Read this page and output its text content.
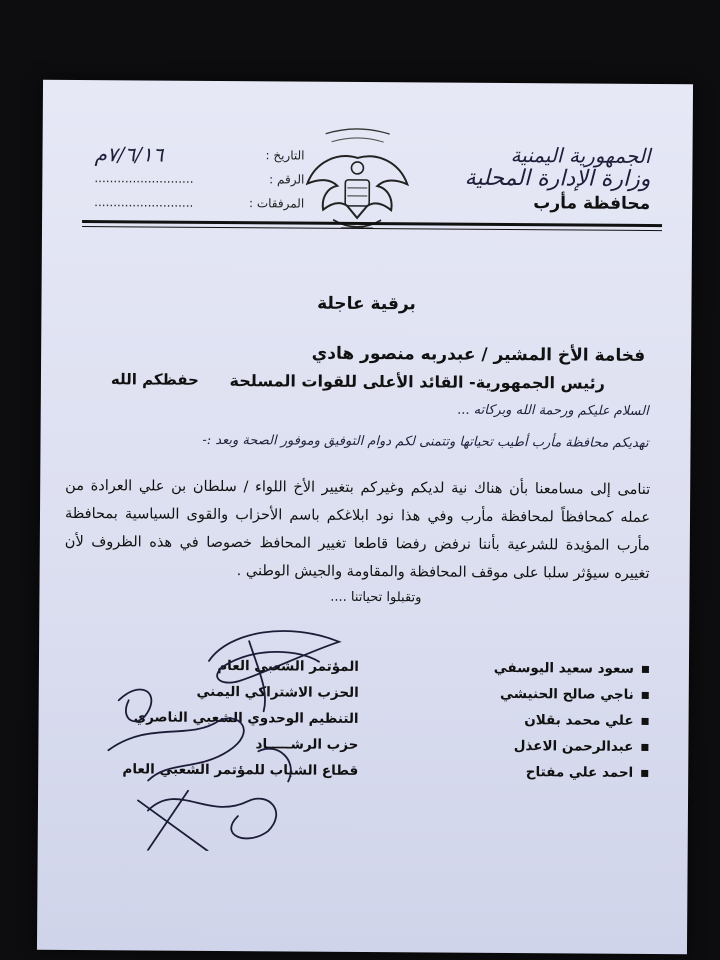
الجمهورية اليمنية
وزارة الإدارة المحلية
محافظة مأرب
التاريخ :
٧/٦/١٦م
الرقم :
..........................
المرفقات :
..........................
برقية عاجلة
فخامة الأخ المشير / عبدربه منصور هادي
رئيس الجمهورية- القائد الأعلى للقوات المسلحة
حفظكم الله
السلام عليكم ورحمة الله وبركاته ...
تهديكم محافظة مأرب أطيب تحياتها وتتمنى لكم دوام التوفيق وموفور الصحة وبعد :-
تنامى إلى مسامعنا بأن هناك نية لديكم وغيركم بتغيير الأخ اللواء / سلطان بن علي العرادة من عمله كمحافظاً لمحافظة مأرب وفي هذا نود ابلاغكم باسم الأحزاب والقوى السياسية بمحافظة مأرب المؤيدة للشرعية بأننا نرفض رفضا قاطعا تغيير المحافظ خصوصا في هذه الظروف لأن تغييره سيؤثر سلبا على موقف المحافظة والمقاومة والجيش الوطني .
وتقبلوا تحياتنا ....
سعود سعيد اليوسفي
ناجي صالح الحنيشي
علي محمد بقلان
عبدالرحمن الاعذل
احمد علي مفتاح
المؤتمر الشعبي العام
الحزب الاشتراكي اليمني
التنظيم الوحدوي الشعبي الناصري
حزب الرشـــــاد
قطاع الشباب للمؤتمر الشعبي العام
